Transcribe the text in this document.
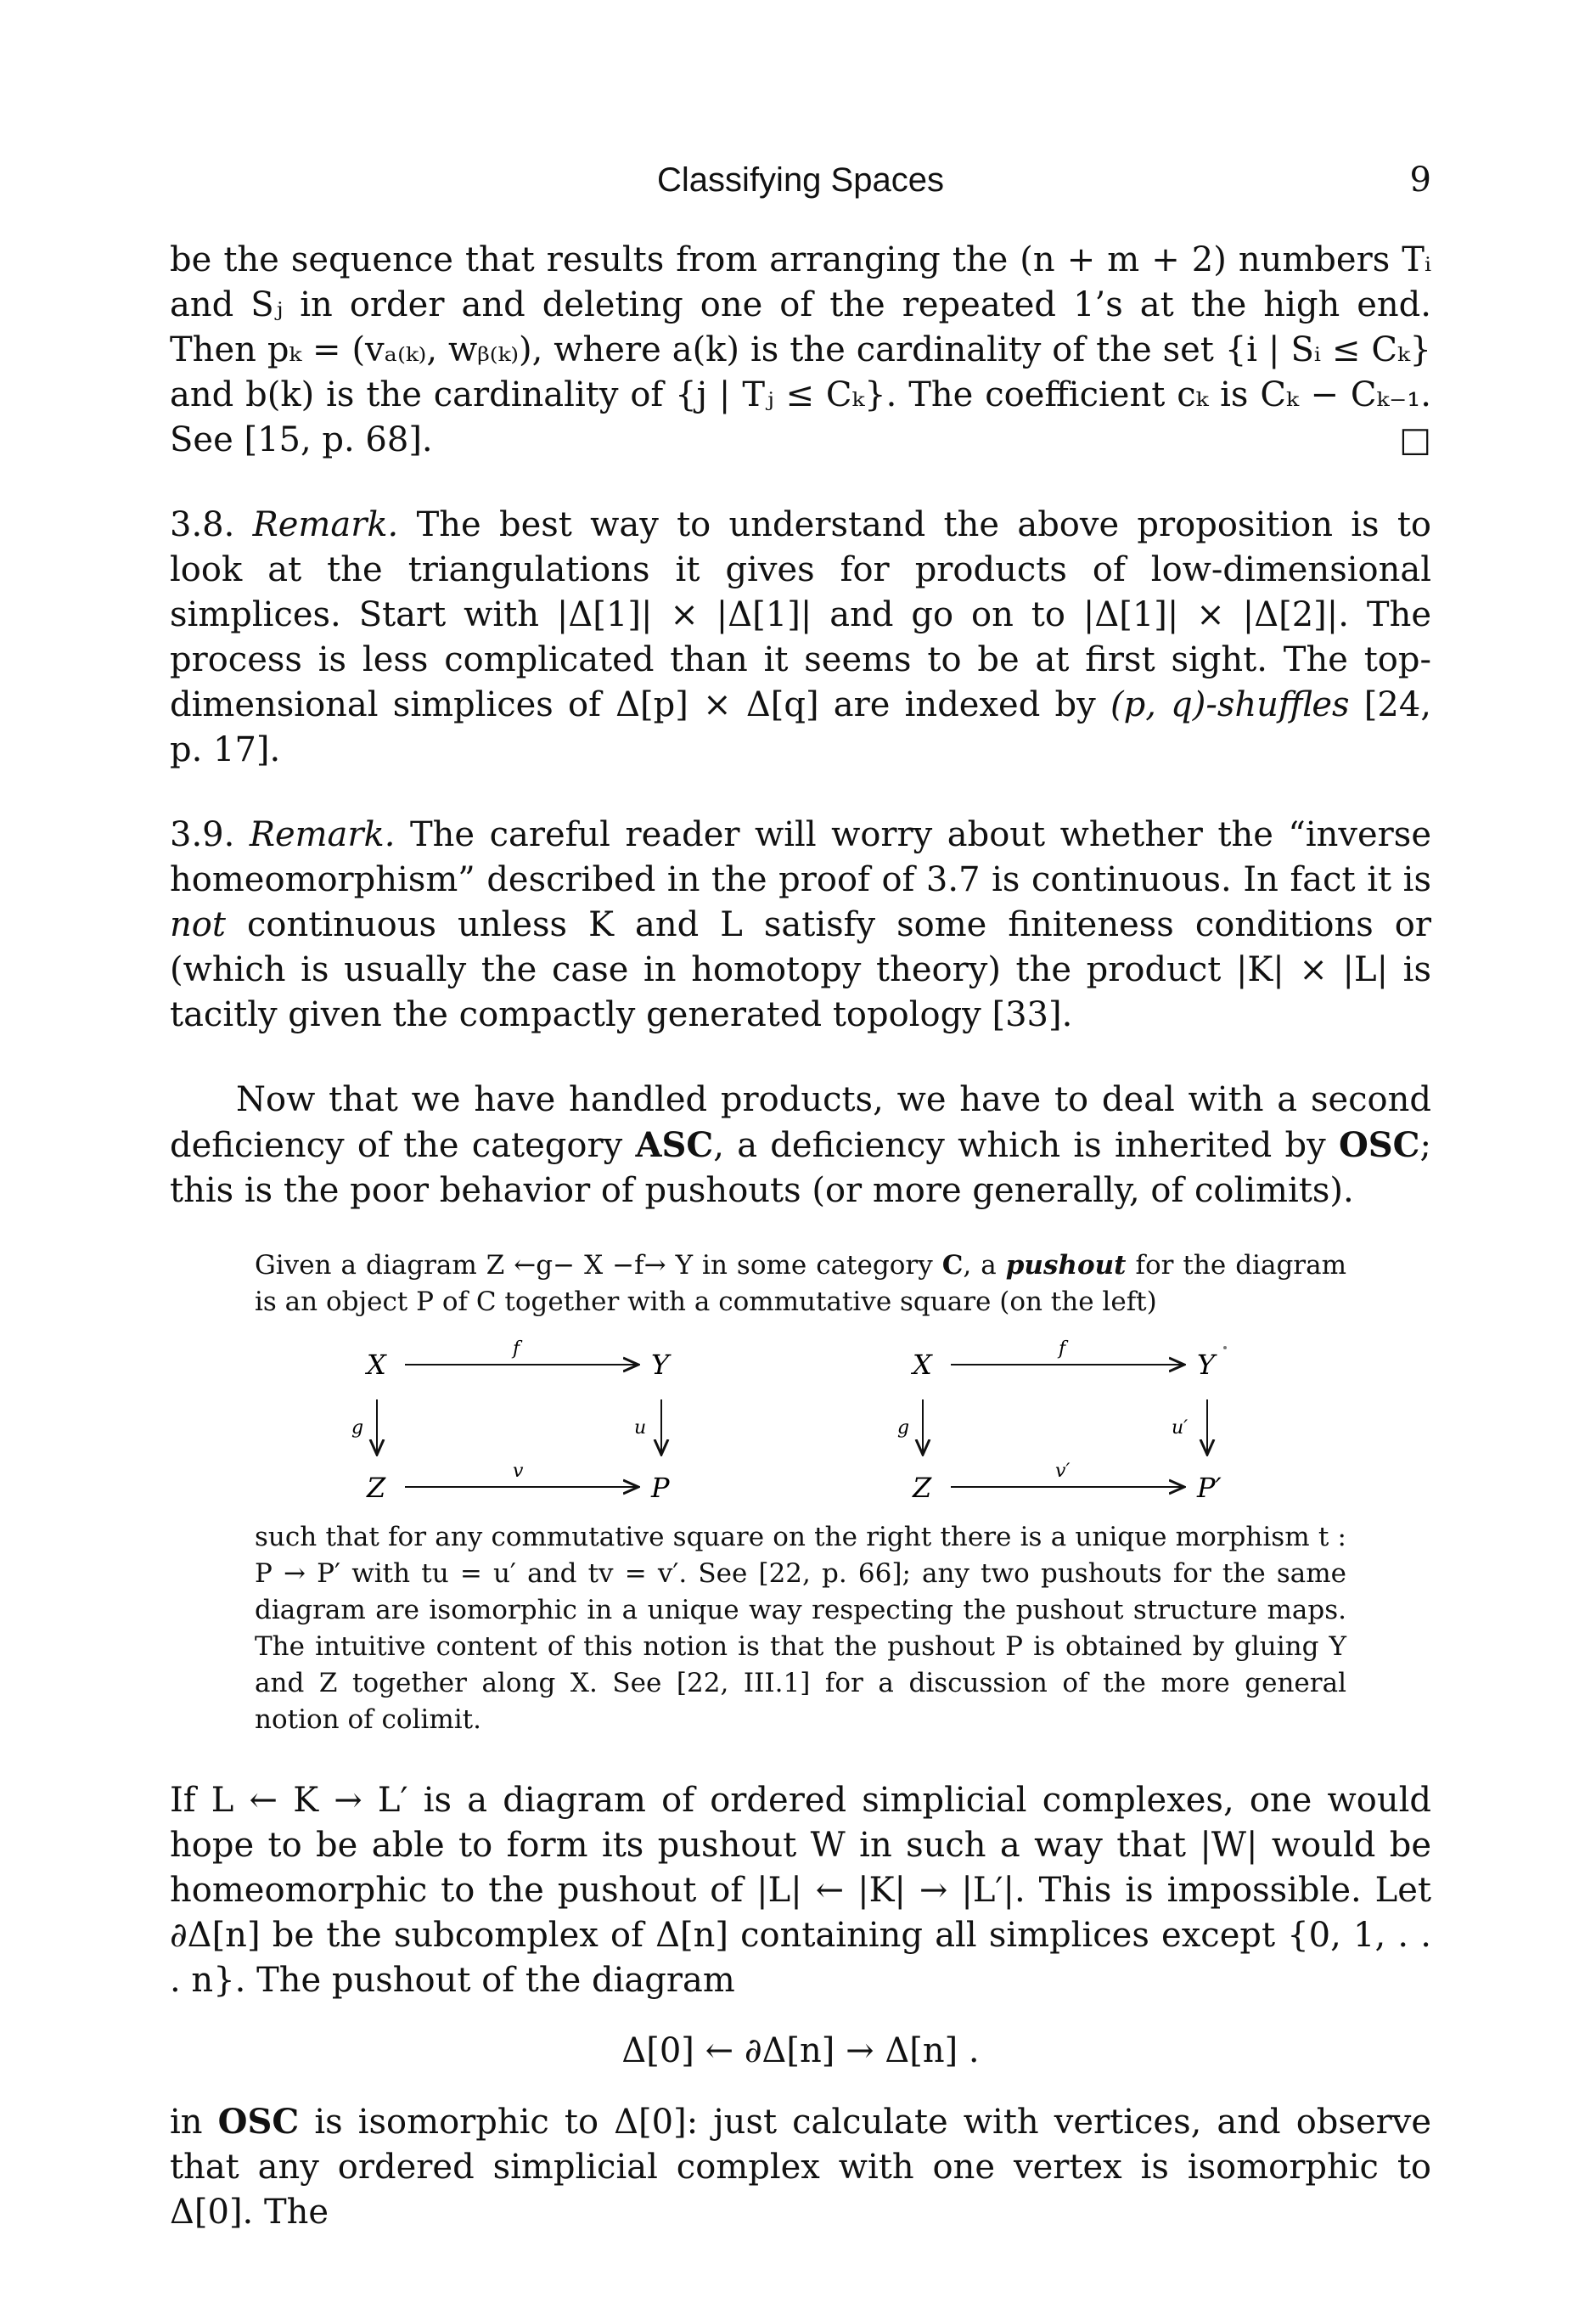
Classifying Spaces	9

be the sequence that results from arranging the (n + m + 2) numbers Tᵢ and Sⱼ in order and deleting one of the repeated 1’s at the high end. Then pₖ = (vₐ₍ₖ₎, wᵦ₍ₖ₎), where a(k) is the cardinality of the set {i | Sᵢ ≤ Cₖ} and b(k) is the cardinality of {j | Tⱼ ≤ Cₖ}. The coefficient cₖ is Cₖ − Cₖ₋₁. See [15, p. 68].	□

3.8. Remark. The best way to understand the above proposition is to look at the triangulations it gives for products of low-dimensional simplices. Start with |Δ[1]| × |Δ[1]| and go on to |Δ[1]| × |Δ[2]|. The process is less complicated than it seems to be at first sight. The top-dimensional simplices of Δ[p] × Δ[q] are indexed by (p, q)-shuffles [24, p. 17].

3.9. Remark. The careful reader will worry about whether the “inverse homeomorphism” described in the proof of 3.7 is continuous. In fact it is not continuous unless K and L satisfy some finiteness conditions or (which is usually the case in homotopy theory) the product |K| × |L| is tacitly given the compactly generated topology [33].

Now that we have handled products, we have to deal with a second deficiency of the category ASC, a deficiency which is inherited by OSC; this is the poor behavior of pushouts (or more generally, of colimits).

Given a diagram Z ←g− X −f→ Y in some category C, a pushout for the diagram is an object P of C together with a commutative square (on the left)

X	Y
Z	P
f
v
g	u
X	Y
Z	P′
f
v′
g	u′

such that for any commutative square on the right there is a unique morphism t : P → P′ with tu = u′ and tv = v′. See [22, p. 66]; any two pushouts for the same diagram are isomorphic in a unique way respecting the pushout structure maps. The intuitive content of this notion is that the pushout P is obtained by gluing Y and Z together along X. See [22, III.1] for a discussion of the more general notion of colimit.

If L ← K → L′ is a diagram of ordered simplicial complexes, one would hope to be able to form its pushout W in such a way that |W| would be homeomorphic to the pushout of |L| ← |K| → |L′|. This is impossible. Let ∂Δ[n] be the subcomplex of Δ[n] containing all simplices except {0, 1, . . . n}. The pushout of the diagram

Δ[0] ← ∂Δ[n] → Δ[n] .

in OSC is isomorphic to Δ[0]: just calculate with vertices, and observe that any ordered simplicial complex with one vertex is isomorphic to Δ[0]. The
